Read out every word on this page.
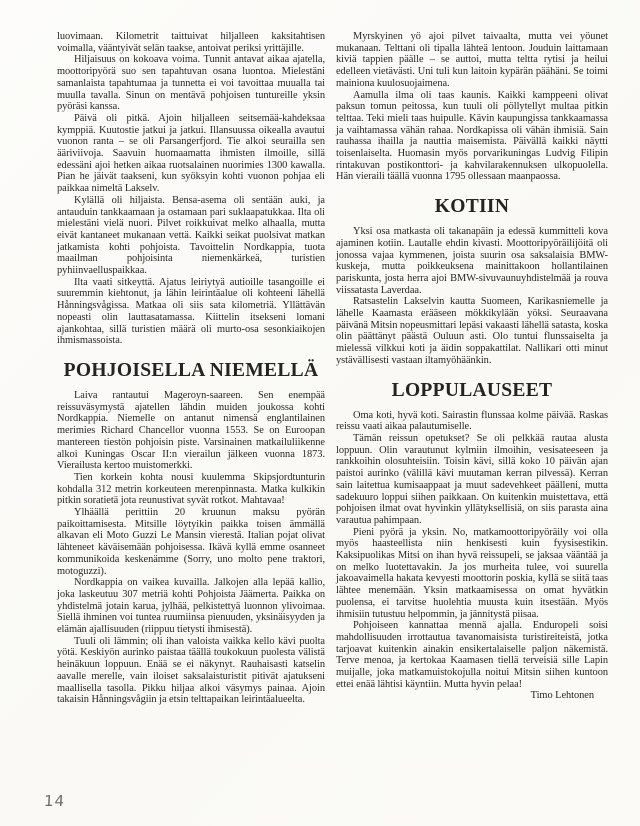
luovimaan. Kilometrit taittuivat hiljalleen kaksitahtisen voimalla, vääntyivät selän taakse, antoivat periksi yrittäjille.

Hiljaisuus on kokoava voima. Tunnit antavat aikaa ajatella, moottoripyörä suo sen tapahtuvan osana luontoa. Mielestäni samanlaista tapahtumaa ja tunnetta ei voi tavoittaa muualla tai muulla tavalla. Sinun on mentävä pohjoisen tuntureille yksin pyöräsi kanssa.

Päivä oli pitkä. Ajoin hiljalleen seitsemää-kahdeksaa kymppiä. Kuutostie jatkui ja jatkui. Illansuussa oikealla avautui vuonon ranta – se oli Parsangerfjord. Tie alkoi seurailla sen ääriviivoja. Saavuin huomaamatta ihmisten ilmoille, sillä edessäni ajoi hetken aikaa ruotsalainen nuorimies 1300 kawalla. Pian he jäivät taakseni, kun syöksyin kohti vuonon pohjaa eli paikkaa nimeltä Lakselv.

Kylällä oli hiljaista. Bensa-asema oli sentään auki, ja antauduin tankkaamaan ja ostamaan pari suklaapatukkaa. Ilta oli mielestäni vielä nuori. Pilvet roikkuivat melko alhaalla, mutta eivät kantaneet mukanaan vettä. Kaikki seikat puolsivat matkan jatkamista kohti pohjoista. Tavoittelin Nordkappia, tuota maailman pohjoisinta niemenkärkeä, turistien pyhiinvaelluspaikkaa.

Ilta vaati sitkeyttä. Ajatus leiriytyä autioille tasangoille ei suuremmin kiehtonut, ja lähin leirintäalue oli kohteeni lähellä Hånningsvågissa. Matkaa oli siis sata kilometriä. Yllättävän nopeasti olin lauttasatamassa. Kiittelin itsekseni lomani ajankohtaa, sillä turistien määrä oli murto-osa sesonkiaikojen ihmismassoista.

POHJOISELLA NIEMELLÄ

Laiva rantautui Mageroyn-saareen. Sen enempää reissuväsymystä ajatellen lähdin muiden joukossa kohti Nordkappia. Niemelle on antanut nimensä englantilainen merimies Richard Chancellor vuonna 1553. Se on Euroopan mantereen tiestön pohjoisin piste. Varsinainen matkailuliikenne alkoi Kuningas Oscar II:n vierailun jälkeen vuonna 1873. Vierailusta kertoo muistomerkki.

Tien korkein kohta nousi kuulemma Skipsjordtunturin kohdalla 312 metrin korkeuteen merenpinnasta. Matka kulkikin pitkin soratietä jota reunustivat syvät rotkot. Mahtavaa!

Ylhäällä perittiin 20 kruunun maksu pyörän paikoittamisesta. Mitsille löytyikin paikka toisen ämmällä alkavan eli Moto Guzzi Le Mansin vierestä. Italian pojat olivat lähteneet käväisemään pohjoisessa. Ikävä kyllä emme osanneet kommunikoida keskenämme (Sorry, uno molto pene traktori, motoguzzi).

Nordkappia on vaikea kuvailla. Jalkojen alla lepää kallio, joka laskeutuu 307 metriä kohti Pohjoista Jäämerta. Paikka on yhdistelmä jotain karua, jylhää, pelkistettyä luonnon ylivoimaa. Siellä ihminen voi tuntea ruumiinsa pienuuden, yksinäisyyden ja elämän ajallisuuden (riippuu tietysti ihmisestä).

Tuuli oli lämmin; oli ihan valoista vaikka kello kävi puolta yötä. Keskiyön aurinko paistaa täällä toukokuun puolesta välistä heinäkuun loppuun. Enää se ei näkynyt. Rauhaisasti katselin aavalle merelle, vain iloiset saksalaisturistit pitivät ajatukseni maallisella tasolla. Pikku hiljaa alkoi väsymys painaa. Ajoin takaisin Hånningsvågiin ja etsin telttapaikan leirintäalueelta.

Myrskyinen yö ajoi pilvet taivaalta, mutta vei yöunet mukanaan. Telttani oli tipalla lähteä lentoon. Jouduin laittamaan kiviä tappien päälle – se auttoi, mutta teltta rytisi ja heilui edelleen vietävästi. Uni tuli kun laitoin kypärän päähäni. Se toimi mainiona kuulosuojaimena.

Aamulla ilma oli taas kaunis. Kaikki kamppeeni olivat paksun tomun peitossa, kun tuuli oli pöllytellyt multaa pitkin telttaa. Teki mieli taas huipulle. Kävin kaupungissa tankkaamassa ja vaihtamassa vähän rahaa. Nordkapissa oli vähän ihmisiä. Sain rauhassa ihailla ja nauttia maisemista. Päivällä kaikki näytti toisenlaiselta. Huomasin myös porvarikuningas Ludvig Filipin rintakuvan postikonttori- ja kahvilarakennuksen ulkopuolella. Hän vieraili täällä vuonna 1795 ollessaan maanpaossa.

KOTIIN

Yksi osa matkasta oli takanapäin ja edessä kummitteli kova ajaminen kotiin. Lautalle ehdin kivasti. Moottoripyöräilijöitä oli jonossa vajaa kymmenen, joista suurin osa saksalaisia BMW-kuskeja, mutta poikkeuksena mainittakoon hollantilainen pariskunta, josta herra ajoi BMW-sivuvaunuyhdistelmää ja rouva viissatasta Laverdaa.

Ratsastelin Lakselvin kautta Suomeen, Karikasniemelle ja lähelle Kaamasta erääseen mökkikylään yöksi. Seuraavana päivänä Mitsin nopeusmittari lepäsi vakaasti lähellä satasta, koska olin päättänyt päästä Ouluun asti. Olo tuntui flunssaiselta ja mielessä vilkkui koti ja äidin soppakattilat. Nallikari otti minut ystävällisesti vastaan iltamyöhäänkin.

LOPPULAUSEET

Oma koti, hyvä koti. Sairastin flunssaa kolme päivää. Raskas reissu vaati aikaa palautumiselle.

Tämän reissun opetukset? Se oli pelkkää rautaa alusta loppuun. Olin varautunut kylmiin ilmoihin, vesisateeseen ja rankkoihin olosuhteisiin. Toisin kävi, sillä koko 10 päivän ajan paistoi aurinko (välillä kävi muutaman kerran pilvessä). Kerran sain laitettua kumisaappaat ja muut sadevehkeet päälleni, mutta sadekuuro loppui siihen paikkaan. On kuitenkin muistettava, että pohjoisen ilmat ovat hyvinkin yllätyksellisiä, on siis parasta aina varautua pahimpaan.

Pieni pyörä ja yksin. No, matkamoottoripyöräily voi olla myös haasteellista niin henkisesti kuin fyysisestikin. Kaksipuolikas Mitsi on ihan hyvä reissupeli, se jaksaa vääntää ja on melko luotettavakin. Ja jos murheita tulee, voi suurella jakoavaimella hakata kevyesti moottorin poskia, kyllä se siitä taas lähtee menemään. Yksin matkaamisessa on omat hyvätkin puolensa, ei tarvitse huolehtia muusta kuin itsestään. Myös ihmisiin tutustuu helpommin, ja jännitystä piisaa.

Pohjoiseen kannattaa mennä ajalla. Enduropeli soisi mahdollisuuden irrottautua tavanomaisista turistireiteistä, jotka tarjoavat kuitenkin ainakin ensikertalaiselle paljon näkemistä. Terve menoa, ja kertokaa Kaamasen tiellä terveisiä sille Lapin muijalle, joka matkamuistokojulla noitui Mitsin siihen kuntoon ettei enää lähtisi käyntiin. Mutta hyvin pelaa!

Timo Lehtonen

14
